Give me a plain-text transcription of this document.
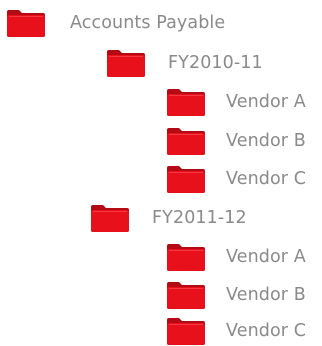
Accounts Payable
FY2010-11
Vendor A
Vendor B
Vendor C
FY2011-12
Vendor A
Vendor B
Vendor C
